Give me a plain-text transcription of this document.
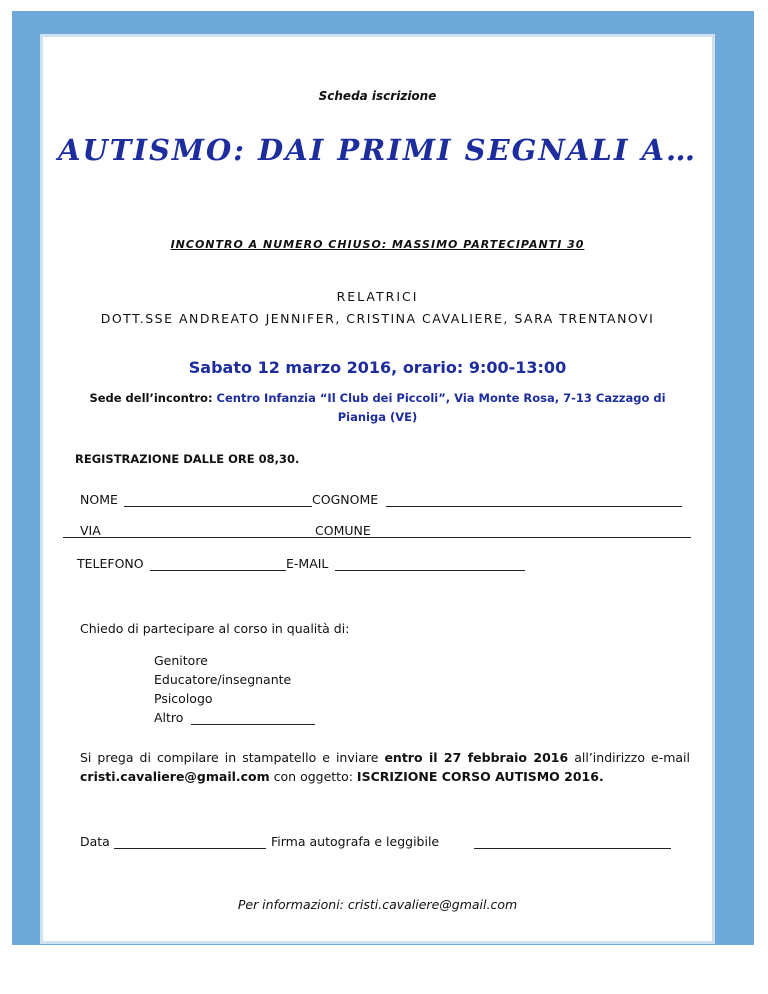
Scheda iscrizione
AUTISMO: DAI PRIMI SEGNALI A…
INCONTRO A NUMERO CHIUSO: MASSIMO PARTECIPANTI 30
RELATRICI
DOTT.SSE ANDREATO JENNIFER, CRISTINA CAVALIERE, SARA TRENTANOVI
Sabato 12 marzo 2016, orario: 9:00-13:00
Sede dell’incontro: Centro Infanzia “Il Club dei Piccoli”, Via Monte Rosa, 7-13 Cazzago di Pianiga (VE)
REGISTRAZIONE DALLE ORE 08,30.
NOME	COGNOME
VIA	COMUNE
TELEFONO	E-MAIL
Chiedo di partecipare al corso in qualità di:
Genitore
Educatore/insegnante
Psicologo
Altro
Si prega di compilare in stampatello e inviare entro il 27 febbraio 2016 all’indirizzo e-mail cristi.cavaliere@gmail.com con oggetto: ISCRIZIONE CORSO AUTISMO 2016.
Data	Firma autografa e leggibile
Per informazioni: cristi.cavaliere@gmail.com
